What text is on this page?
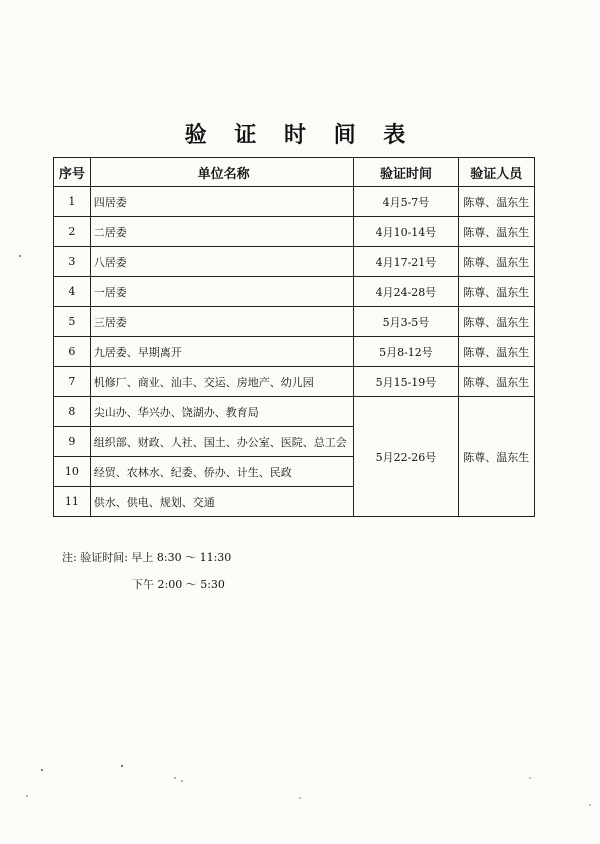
验 证 时 间 表
序号	单位名称	验证时间	验证人员
1	四居委	4月5-7号	陈尊、温东生
2	二居委	4月10-14号	陈尊、温东生
3	八居委	4月17-21号	陈尊、温东生
4	一居委	4月24-28号	陈尊、温东生
5	三居委	5月3-5号	陈尊、温东生
6	九居委、早期离开	5月8-12号	陈尊、温东生
7	机修厂、商业、汕丰、交运、房地产、幼儿园	5月15-19号	陈尊、温东生
8	尖山办、华兴办、饶湖办、教育局	5月22-26号	陈尊、温东生
9	组织部、财政、人社、国土、办公室、医院、总工会		
10	经贸、农林水、纪委、侨办、计生、民政		
11	供水、供电、规划、交通		
注: 验证时间: 早上 8:30 ～ 11:30
下午 2:00 ～ 5:30
